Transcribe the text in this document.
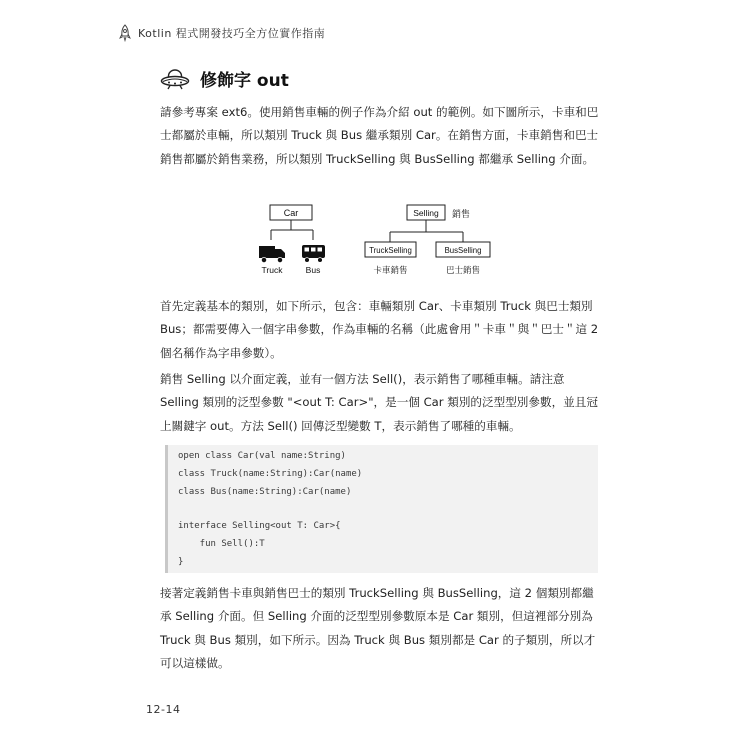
Kotlin 程式開發技巧全方位實作指南
修飾字 out

請參考專案 ext6。使用銷售車輛的例子作為介紹 out 的範例。如下圖所示，卡車和巴士都屬於車輛，所以類別 Truck 與 Bus 繼承類別 Car。在銷售方面，卡車銷售和巴士銷售都屬於銷售業務，所以類別 TruckSelling 與 BusSelling 都繼承 Selling 介面。

Car
Truck	Bus
Selling 銷售
TruckSelling	BusSelling
卡車銷售	巴士銷售

首先定義基本的類別，如下所示，包含：車輛類別 Car、卡車類別 Truck 與巴士類別 Bus；都需要傳入一個字串參數，作為車輛的名稱（此處會用＂卡車＂與＂巴士＂這 2 個名稱作為字串參數）。

銷售 Selling 以介面定義，並有一個方法 Sell()，表示銷售了哪種車輛。請注意 Selling 類別的泛型參數 "<out T: Car>"，是一個 Car 類別的泛型型別參數，並且冠上關鍵字 out。方法 Sell() 回傳泛型變數 T，表示銷售了哪種的車輛。

open class Car(val name:String)
class Truck(name:String):Car(name)
class Bus(name:String):Car(name)
interface Selling<out T: Car>{
fun Sell():T
}

接著定義銷售卡車與銷售巴士的類別 TruckSelling 與 BusSelling，這 2 個類別都繼承 Selling 介面。但 Selling 介面的泛型型別參數原本是 Car 類別，但這裡部分別為 Truck 與 Bus 類別，如下所示。因為 Truck 與 Bus 類別都是 Car 的子類別，所以才可以這樣做。

12-14
